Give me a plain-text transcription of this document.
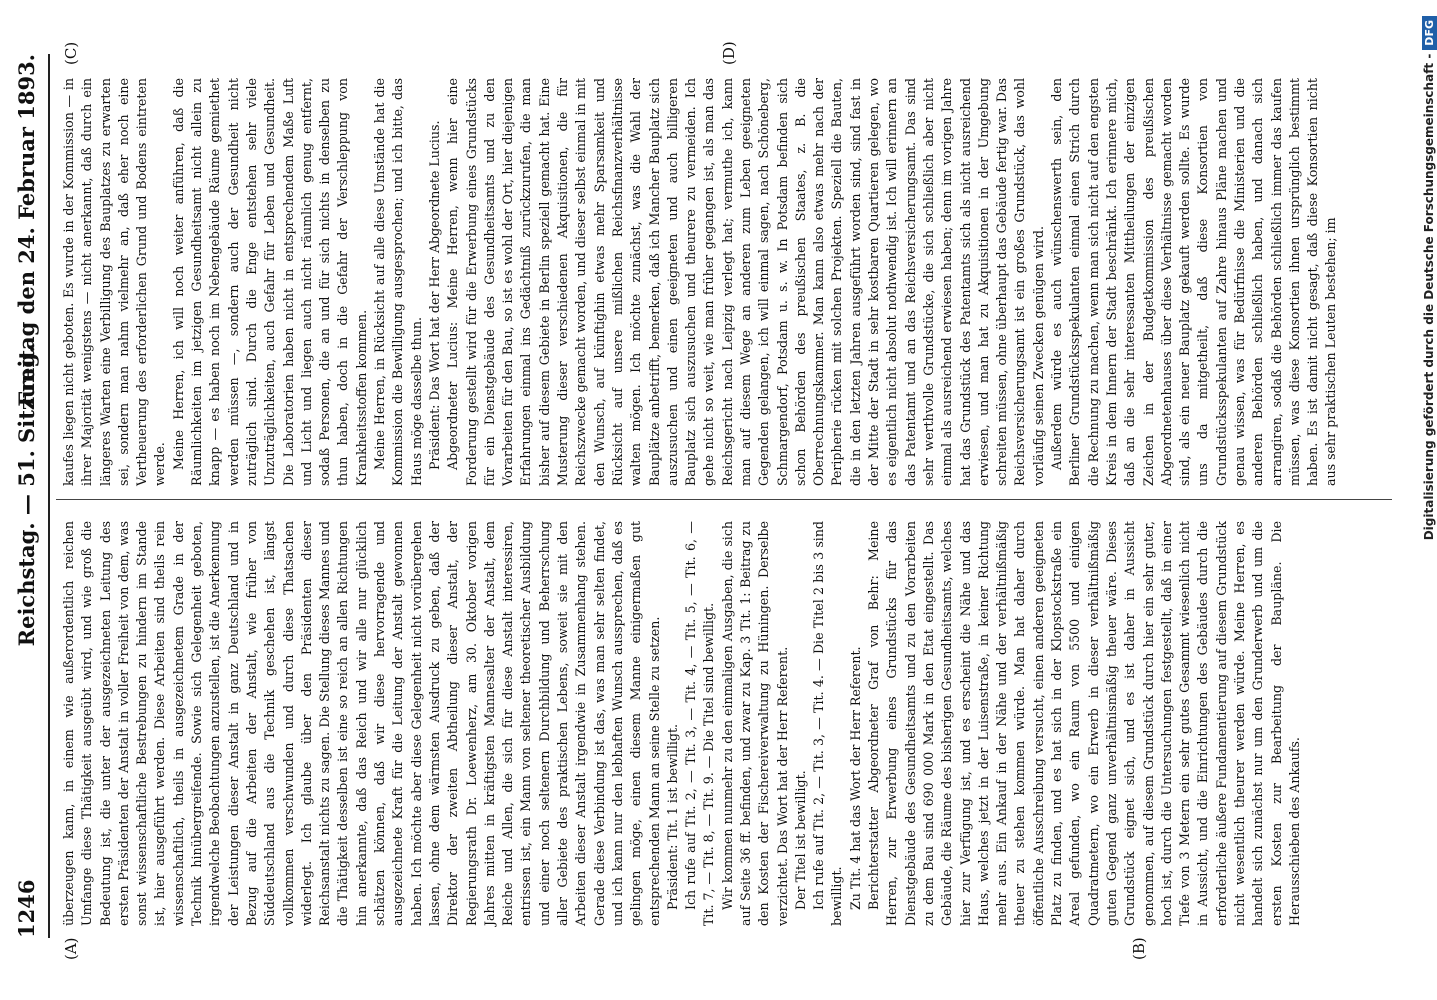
1246
Reichstag. — 51. Sitzung.
Freitag den 24. Februar 1893.
(A)	(B)
(C)	(D)

überzeugen kann, in einem wie außerordentlich reichen Umfange diese Thätigkeit ausgeübt wird, und wie groß die Bedeutung ist, die unter der ausgezeichneten Leitung des ersten Präsidenten der Anstalt in voller Freiheit von dem, was sonst wissenschaftliche Bestrebungen zu hindern im Stande ist, hier ausgeführt werden. Diese Arbeiten sind theils rein wissenschaftlich, theils in ausgezeichnetem Grade in der Technik hinübergreifende. Sowie sich Gelegenheit geboten, irgendwelche Beobachtungen anzustellen, ist die Anerkennung der Leistungen dieser Anstalt in ganz Deutschland und in Bezug auf die Arbeiten der Anstalt, wie früher von Süddeutschland aus die Technik geschehen ist, längst vollkommen verschwunden und durch diese Thatsachen widerlegt. Ich glaube über den Präsidenten dieser Reichsanstalt nichts zu sagen. Die Stellung dieses Mannes und die Thätigkeit desselben ist eine so reich an allen Richtungen hin anerkannte, daß das Reich und wir alle nur glücklich schätzen können, daß wir diese hervorragende und ausgezeichnete Kraft für die Leitung der Anstalt gewonnen haben. Ich möchte aber diese Gelegenheit nicht vorübergehen lassen, ohne dem wärmsten Ausdruck zu geben, daß der Direktor der zweiten Abtheilung dieser Anstalt, der Regierungsrath Dr. Loewenherz, am 30. Oktober vorigen Jahres mitten in kräftigsten Mannesalter der Anstalt, dem Reiche und Allen, die sich für diese Anstalt interessiren, entrissen ist, ein Mann von seltener theoretischer Ausbildung und einer noch seltenern Durchbildung und Beherrschung aller Gebiete des praktischen Lebens, soweit sie mit den Arbeiten dieser Anstalt irgendwie in Zusammenhang stehen. Gerade diese Verbindung ist das, was man sehr selten findet, und ich kann nur den lebhaften Wunsch aussprechen, daß es gelingen möge, einen diesem Manne einigermaßen gut entsprechenden Mann an seine Stelle zu setzen. Präsident: Tit. 1 ist bewilligt. Ich rufe auf Tit. 2, — Tit. 3, — Tit. 4, — Tit. 5, — Tit. 6, — Tit. 7, — Tit. 8, — Tit. 9. — Die Titel sind bewilligt. Wir kommen nunmehr zu den einmaligen Ausgaben, die sich auf Seite 36 ff. befinden, und zwar zu Kap. 3 Tit. 1: Beitrag zu den Kosten der Fischereiverwaltung zu Hüningen. Derselbe verzichtet. Das Wort hat der Herr Referent. Der Titel ist bewilligt. Ich rufe auf Tit. 2, — Tit. 3, — Tit. 4. — Die Titel 2 bis 3 sind bewilligt. Zu Tit. 4 hat das Wort der Herr Referent. Berichterstatter Abgeordneter Graf von Behr: Meine Herren, zur Erwerbung eines Grundstücks für das Dienstgebäude des Gesundheitsamts und zu den Vorarbeiten zu dem Bau sind 690 000 Mark in den Etat eingestellt. Das Gebäude, die Räume des bisherigen Gesundheitsamts, welches hier zur Verfügung ist, und es erscheint die Nähe und das Haus, welches jetzt in der Luisenstraße, in keiner Richtung mehr aus. Ein Ankauf in der Nähe und der verhältnißmäßig theuer zu stehen kommen würde. Man hat daher durch öffentliche Ausschreibung versucht, einen anderen geeigneten Platz zu finden, und es hat sich in der Klopstockstraße ein Areal gefunden, wo ein Raum von 5500 und einigen Quadratmetern, wo ein Erwerb in dieser verhältnißmäßig guten Gegend ganz unverhältnismäßig theuer wäre. Dieses Grundstück eignet sich, und es ist daher in Aussicht genommen, auf diesem Grundstück durch hier ein sehr guter, hoch ist, durch die Untersuchungen festgestellt, daß in einer Tiefe von 3 Metern ein sehr gutes Gesammt wiesenlich nicht in Aussicht, und die Einrichtungen des Gebäudes durch die erforderliche äußere Fundamentierung auf diesem Grundstück nicht wesentlich theurer werden würde. Meine Herren, es handelt sich zunächst nur um den Grunderwerb und um die ersten Kosten zur Bearbeitung der Baupläne. Die Herausschieben des Ankaufs.

kaufes liegen nicht geboten. Es wurde in der Kommission — in ihrer Majorität wenigstens — nicht anerkannt, daß durch ein längeres Warten eine Verbilligung des Bauplatzes zu erwarten sei, sondern man nahm vielmehr an, daß eher noch eine Vertheuerung des erforderlichen Grund und Bodens eintreten werde. Meine Herren, ich will noch weiter anführen, daß die Räumlichkeiten im jetzigen Gesundheitsamt nicht allein zu knapp — es haben noch im Nebengebäude Räume gemiethet werden müssen —, sondern auch der Gesundheit nicht zuträglich sind. Durch die Enge entstehen sehr viele Unzuträglichkeiten, auch Gefahr für Leben und Gesundheit. Die Laboratorien haben nicht in entsprechendem Maße Luft und Licht und liegen auch nicht räumlich genug entfernt, sodaß Personen, die an und für sich nichts in denselben zu thun haben, doch in die Gefahr der Verschleppung von Krankheitsstoffen kommen. Meine Herren, in Rücksicht auf alle diese Umstände hat die Kommission die Bewilligung ausgesprochen; und ich bitte, das Haus möge dasselbe thun. Präsident: Das Wort hat der Herr Abgeordnete Lucius. Abgeordneter Lucius: Meine Herren, wenn hier eine Forderung gestellt wird für die Erwerbung eines Grundstücks für ein Dienstgebäude des Gesundheitsamts und zu den Vorarbeiten für den Bau, so ist es wohl der Ort, hier diejenigen Erfahrungen einmal ins Gedächtniß zurückzurufen, die man bisher auf diesem Gebiete in Berlin speziell gemacht hat. Eine Musterung dieser verschiedenen Akquisitionen, die für Reichszwecke gemacht worden, und dieser selbst einmal in mit den Wunsch, auf künftighin etwas mehr Sparsamkeit und Rücksicht auf unsere mißlichen Reichsfinanzverhältnisse walten mögen. Ich möchte zunächst, was die Wahl der Bauplätze anbetrifft, bemerken, daß ich Mancher Bauplatz sich auszusuchen und einen geeigneten und auch billigeren Bauplatz sich auszusuchen und theurere zu vermeiden. Ich gehe nicht so weit, wie man früher gegangen ist, als man das Reichsgericht nach Leipzig verlegt hat; vermuthe ich, kann man auf diesem Wege an anderen zum Leben geeigneten Gegenden gelangen, ich will einmal sagen, nach Schöneberg, Schmargendorf, Potsdam u. s. w. In Potsdam befinden sich schon Behörden des preußischen Staates, z. B. die Oberrechnungskammer. Man kann also etwas mehr nach der Peripherie rücken mit solchen Projekten. Speziell die Bauten, die in den letzten Jahren ausgeführt worden sind, sind fast in der Mitte der Stadt in sehr kostbaren Quartieren gelegen, wo es eigentlich nicht absolut nothwendig ist. Ich will erinnern an das Patentamt und an das Reichsversicherungsamt. Das sind sehr werthvolle Grundstücke, die sich schließlich aber nicht einmal als ausreichend erwiesen haben; denn im vorigen Jahre hat das Grundstück des Patentamts sich als nicht ausreichend erwiesen, und man hat zu Akquisitionen in der Umgebung schreiten müssen, ohne überhaupt das Gebäude fertig war. Das Reichsversicherungsamt ist ein großes Grundstück, das wohl vorläufig seinen Zwecken genügen wird. Außerdem würde es auch wünschenswerth sein, den Berliner Grundstücksspekulanten einmal einen Strich durch die Rechnung zu machen, wenn man sich nicht auf den engsten Kreis in dem Innern der Stadt beschränkt. Ich erinnere mich, daß an die sehr interessanten Mittheilungen der einzigen Zeichen in der Budgetkommission des preußischen Abgeordnetenhauses über diese Verhältnisse gemacht worden sind, als ein neuer Bauplatz gekauft werden sollte. Es wurde uns da mitgetheilt, daß diese Konsortien von Grundstücksspekulanten auf Zahre hinaus Pläne machen und genau wissen, was für Bedürfnisse die Ministerien und die anderen Behörden schließlich haben, und danach sich arrangiren, sodaß die Behörden schließlich immer das kaufen müssen, was diese Konsortien ihnen ursprünglich bestimmt haben. Es ist damit nicht gesagt, daß diese Konsortien nicht aus sehr praktischen Leuten bestehen; im	Digitalisierung gefördert durch die Deutsche Forschungsgemeinschaft -DFG
